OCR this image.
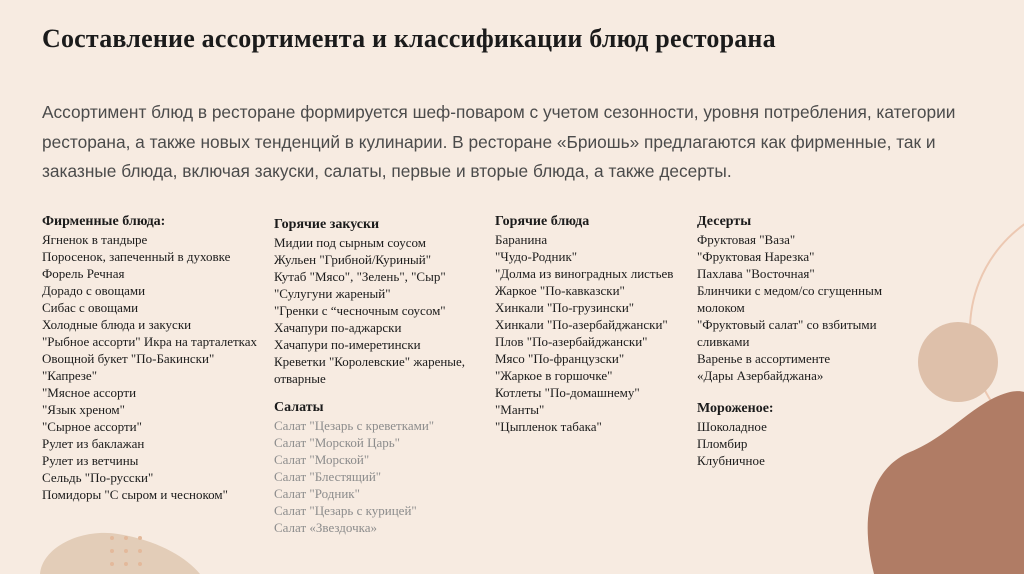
Составление ассортимента и классификации блюд ресторана

Ассортимент блюд в ресторане формируется шеф-поваром с учетом сезонности, уровня потребления, категории ресторана, а также новых тенденций в кулинарии. В ресторане «Бриошь» предлагаются как фирменные, так и заказные блюда, включая закуски, салаты, первые и вторые блюда, а также десерты.

Фирменные блюда:
Ягненок в тандыре
Поросенок, запеченный в духовке
Форель Речная
Дорадо с овощами
Сибас с овощами
Холодные блюда и закуски
"Рыбное ассорти" Икра на тарталетках
Овощной букет "По-Бакински"
"Капрезе"
"Мясное ассорти
"Язык хреном"
"Сырное ассорти"
Рулет из баклажан
Рулет из ветчины
Сельдь "По-русски"
Помидоры "С сыром и чесноком"
Горячие закуски
Мидии под сырным соусом
Жульен "Грибной/Куриный"
Кутаб "Мясо", "Зелень", "Сыр"
"Сулугуни жареный"
"Гренки с “чесночным соусом"
Хачапури по-аджарски
Хачапури по-имеретински
Креветки "Королевские" жареные, отварные
Салаты
Салат "Цезарь с креветками"
Салат "Морской Царь"
Салат "Морской"
Салат "Блестящий"
Салат "Родник"
Салат "Цезарь с курицей"
Салат «Звездочка»
Горячие блюда
Баранина
"Чудо-Родник"
"Долма из виноградных листьев
Жаркое "По-кавказски"
Хинкали "По-грузински"
Хинкали "По-азербайджански"
Плов "По-азербайджански"
Мясо "По-французски"
"Жаркое в горшочке"
Котлеты "По-домашнему"
"Манты"
"Цыпленок табака"
Десерты
Фруктовая "Ваза"
"Фруктовая Нарезка"
Пахлава "Восточная"
Блинчики с медом/со сгущенным молоком
"Фруктовый салат" со взбитыми сливками
Варенье в ассортименте
«Дары Азербайджана»
Мороженое:
Шоколадное
Пломбир
Клубничное
